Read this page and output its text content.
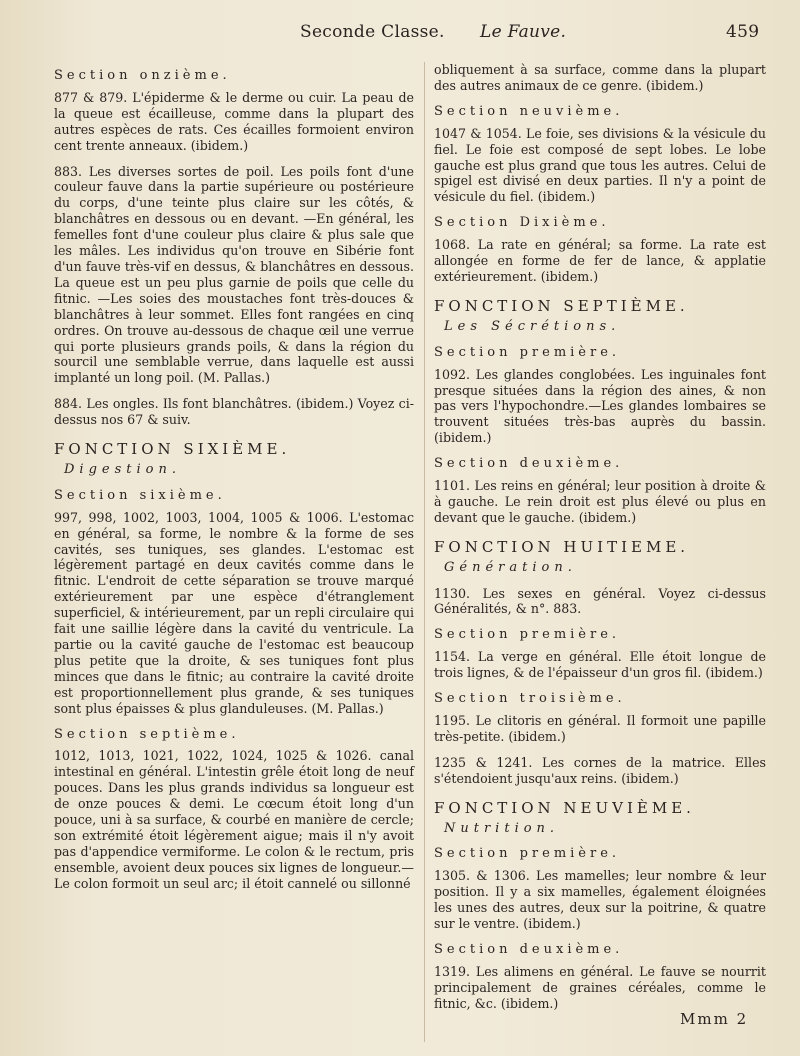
Seconde Classe. Le Fauve.	459
Section onzième.
877 & 879. L'épiderme & le derme ou cuir. La peau de la queue est écailleuse, comme dans la plupart des autres espèces de rats. Ces écailles formoient environ cent trente anneaux. (ibidem.)
883. Les diverses sortes de poil. Les poils font d'une couleur fauve dans la partie supérieure ou postérieure du corps, d'une teinte plus claire sur les côtés, & blanchâtres en dessous ou en devant. —En général, les femelles font d'une couleur plus claire & plus sale que les mâles. Les individus qu'on trouve en Sibérie font d'un fauve très-vif en dessus, & blanchâtres en dessous. La queue est un peu plus garnie de poils que celle du fitnic. —Les soies des moustaches font très-douces & blanchâtres à leur sommet. Elles font rangées en cinq ordres. On trouve au-dessous de chaque œil une verrue qui porte plusieurs grands poils, & dans la région du sourcil une semblable verrue, dans laquelle est aussi implanté un long poil. (M. Pallas.)
884. Les ongles. Ils font blanchâtres. (ibidem.) Voyez ci-dessus nos 67 & suiv.
FONCTION SIXIÈME.
Digestion.
Section sixième.
997, 998, 1002, 1003, 1004, 1005 & 1006. L'estomac en général, sa forme, le nombre & la forme de ses cavités, ses tuniques, ses glandes. L'estomac est légèrement partagé en deux cavités comme dans le fitnic. L'endroit de cette séparation se trouve marqué extérieurement par une espèce d'étranglement superficiel, & intérieurement, par un repli circulaire qui fait une saillie légère dans la cavité du ventricule. La partie ou la cavité gauche de l'estomac est beaucoup plus petite que la droite, & ses tuniques font plus minces que dans le fitnic; au contraire la cavité droite est proportionnellement plus grande, & ses tuniques sont plus épaisses & plus glanduleuses. (M. Pallas.)
Section septième.
1012, 1013, 1021, 1022, 1024, 1025 & 1026. canal intestinal en général. L'intestin grêle étoit long de neuf pouces. Dans les plus grands individus sa longueur est de onze pouces & demi. Le cœcum étoit long d'un pouce, uni à sa surface, & courbé en manière de cercle; son extrémité étoit légèrement aigue; mais il n'y avoit pas d'appendice vermiforme. Le colon & le rectum, pris ensemble, avoient deux pouces six lignes de longueur.—Le colon formoit un seul arc; il étoit cannelé ou sillonné
obliquement à sa surface, comme dans la plupart des autres animaux de ce genre. (ibidem.)
Section neuvième.
1047 & 1054. Le foie, ses divisions & la vésicule du fiel. Le foie est composé de sept lobes. Le lobe gauche est plus grand que tous les autres. Celui de spigel est divisé en deux parties. Il n'y a point de vésicule du fiel. (ibidem.)
Section Dixième.
1068. La rate en général; sa forme. La rate est allongée en forme de fer de lance, & applatie extérieurement. (ibidem.)
FONCTION SEPTIÈME.
Les Sécrétions.
Section première.
1092. Les glandes conglobées. Les inguinales font presque situées dans la région des aines, & non pas vers l'hypochondre.—Les glandes lombaires se trouvent situées très-bas auprès du bassin. (ibidem.)
Section deuxième.
1101. Les reins en général; leur position à droite & à gauche. Le rein droit est plus élevé ou plus en devant que le gauche. (ibidem.)
FONCTION HUITIEME.
Génération.
1130. Les sexes en général. Voyez ci-dessus Généralités, & n°. 883.
Section première.
1154. La verge en général. Elle étoit longue de trois lignes, & de l'épaisseur d'un gros fil. (ibidem.)
Section troisième.
1195. Le clitoris en général. Il formoit une papille très-petite. (ibidem.)
1235 & 1241. Les cornes de la matrice. Elles s'étendoient jusqu'aux reins. (ibidem.)
FONCTION NEUVIÈME.
Nutrition.
Section première.
1305. & 1306. Les mamelles; leur nombre & leur position. Il y a six mamelles, également éloignées les unes des autres, deux sur la poitrine, & quatre sur le ventre. (ibidem.)
Section deuxième.
1319. Les alimens en général. Le fauve se nourrit principalement de graines céréales, comme le fitnic, &c. (ibidem.)
Mmm 2
